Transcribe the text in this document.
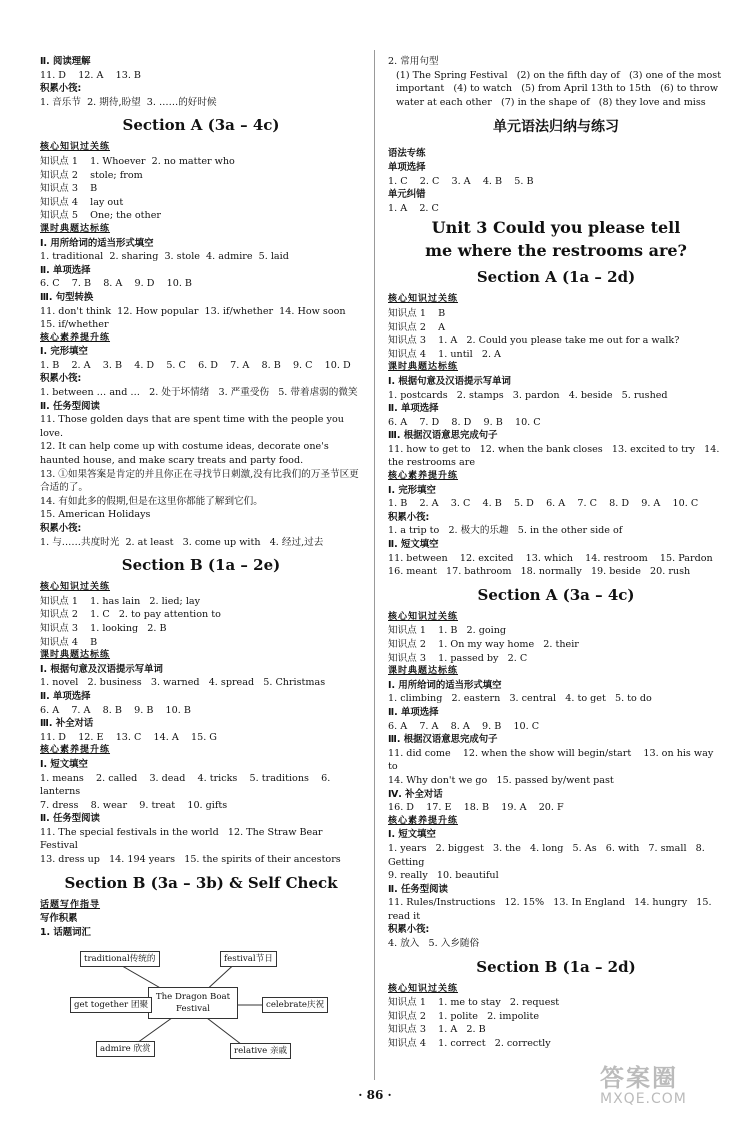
Ⅱ. 阅读理解
11. D    12. A    13. B
积累小筏:
1. 音乐节  2. 期待,盼望  3. ……的好时候
Section A (3a – 4c)
核心知识过关练
知识点 1    1. Whoever  2. no matter who
知识点 2    stole; from
知识点 3    B
知识点 4    lay out
知识点 5    One; the other
课时典题达标练
Ⅰ. 用所给词的适当形式填空
1. traditional  2. sharing  3. stole  4. admire  5. laid
Ⅱ. 单项选择
6. C    7. B    8. A    9. D    10. B
Ⅲ. 句型转换
11. don't think  12. How popular  13. if/whether  14. How soon
15. if/whether
核心素养提升练
Ⅰ. 完形填空
1. B    2. A    3. B    4. D    5. C    6. D    7. A    8. B    9. C    10. D
积累小筏:
1. between … and …   2. 处于坏情绪   3. 严重受伤   5. 带着虐弱的微笑
Ⅱ. 任务型阅读
11. Those golden days that are spent time with the people you love.
12. It can help come up with costume ideas, decorate one's haunted house, and make scary treats and party food.
13. ①如果答案是肯定的并且你正在寻找节日刺激,没有比我们的万圣节区更合适的了。
14. 有如此多的假期,但是在这里你都能了解到它们。
15. American Holidays
积累小筏:
1. 与……共度时光  2. at least   3. come up with   4. 经过,过去
Section B (1a – 2e)
核心知识过关练
知识点 1    1. has lain   2. lied; lay
知识点 2    1. C   2. to pay attention to
知识点 3    1. looking   2. B
知识点 4    B
课时典题达标练
Ⅰ. 根据句意及汉语提示写单词
1. novel   2. business   3. warned   4. spread   5. Christmas
Ⅱ. 单项选择
6. A    7. A    8. B    9. B    10. B
Ⅲ. 补全对话
11. D    12. E    13. C    14. A    15. G
核心素养提升练
Ⅰ. 短文填空
1. means    2. called    3. dead    4. tricks    5. traditions    6. lanterns
7. dress    8. wear    9. treat    10. gifts
Ⅱ. 任务型阅读
11. The special festivals in the world   12. The Straw Bear Festival
13. dress up   14. 194 years   15. the spirits of their ancestors
Section B (3a – 3b) & Self Check
话题写作指导
写作积累
1. 话题词汇
traditional传统的	festival节日
The Dragon Boat Festival
get together 团聚	celebrate庆祝
admire 欣赏	relative 亲戚
2. 常用句型
(1) The Spring Festival   (2) on the fifth day of   (3) one of the most important   (4) to watch   (5) from April 13th to 15th   (6) to throw water at each other   (7) in the shape of   (8) they love and miss
单元语法归纳与练习
语法专练
单项选择
1. C    2. C    3. A    4. B    5. B
单元纠错
1. A    2. C
Unit 3 Could you please tell
me where the restrooms are?
Section A (1a – 2d)
核心知识过关练
知识点 1    B
知识点 2    A
知识点 3    1. A   2. Could you please take me out for a walk?
知识点 4    1. until   2. A
课时典题达标练
Ⅰ. 根据句意及汉语提示写单词
1. postcards   2. stamps   3. pardon   4. beside   5. rushed
Ⅱ. 单项选择
6. A    7. D    8. D    9. B    10. C
Ⅲ. 根据汉语意思完成句子
11. how to get to   12. when the bank closes   13. excited to try   14. the restrooms are
核心素养提升练
Ⅰ. 完形填空
1. B    2. A    3. C    4. B    5. D    6. A    7. C    8. D    9. A    10. C
积累小筏:
1. a trip to   2. 极大的乐趣   5. in the other side of
Ⅱ. 短文填空
11. between    12. excited    13. which    14. restroom    15. Pardon
16. meant   17. bathroom   18. normally   19. beside   20. rush
Section A (3a – 4c)
核心知识过关练
知识点 1    1. B   2. going
知识点 2    1. On my way home   2. their
知识点 3    1. passed by   2. C
课时典题达标练
Ⅰ. 用所给词的适当形式填空
1. climbing   2. eastern   3. central   4. to get   5. to do
Ⅱ. 单项选择
6. A    7. A    8. A    9. B    10. C
Ⅲ. 根据汉语意思完成句子
11. did come    12. when the show will begin/start    13. on his way to
14. Why don't we go   15. passed by/went past
Ⅳ. 补全对话
16. D    17. E    18. B    19. A    20. F
核心素养提升练
Ⅰ. 短文填空
1. years   2. biggest   3. the   4. long   5. As   6. with   7. small   8. Getting
9. really   10. beautiful
Ⅱ. 任务型阅读
11. Rules/Instructions   12. 15%   13. In England   14. hungry   15. read it
积累小筏:
4. 放入   5. 入乡随俗
Section B (1a – 2d)
核心知识过关练
知识点 1    1. me to stay   2. request
知识点 2    1. polite   2. impolite
知识点 3    1. A   2. B
知识点 4    1. correct   2. correctly
· 86 ·
答案圈
MXQE.COM
